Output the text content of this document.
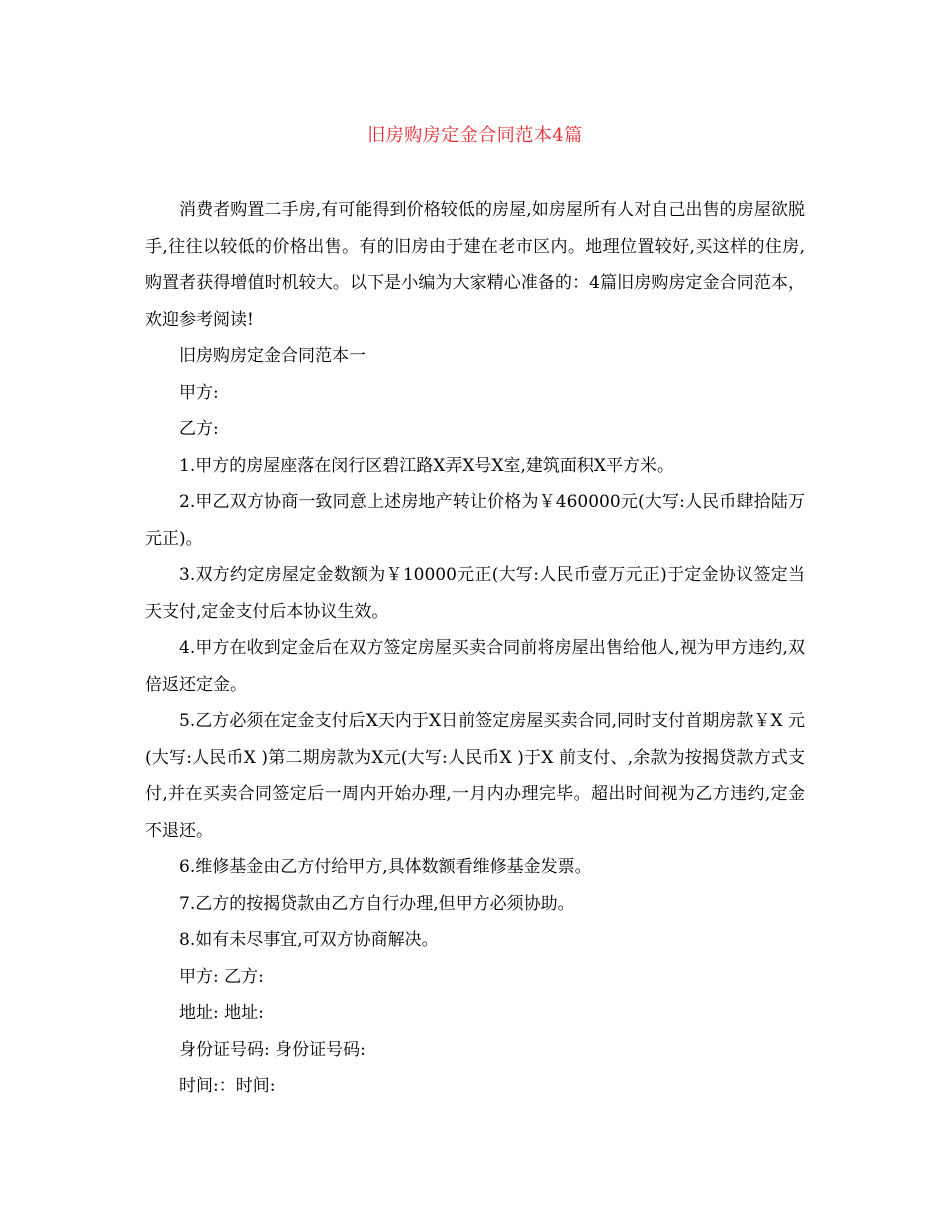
旧房购房定金合同范本4篇

消费者购置二手房,有可能得到价格较低的房屋,如房屋所有人对自己出售的房屋欲脱手,往往以较低的价格出售。有的旧房由于建在老市区内。地理位置较好,买这样的住房,购置者获得增值时机较大。以下是小编为大家精心准备的：4篇旧房购房定金合同范本，欢迎参考阅读!

旧房购房定金合同范本一

甲方:

乙方:

1.甲方的房屋座落在闵行区碧江路X弄X号X室,建筑面积X平方米。

2.甲乙双方协商一致同意上述房地产转让价格为￥460000元(大写:人民币肆拾陆万元正)。

3.双方约定房屋定金数额为￥10000元正(大写:人民币壹万元正)于定金协议签定当天支付,定金支付后本协议生效。

4.甲方在收到定金后在双方签定房屋买卖合同前将房屋出售给他人,视为甲方违约,双倍返还定金。

5.乙方必须在定金支付后X天内于X日前签定房屋买卖合同,同时支付首期房款￥X 元(大写:人民币X )第二期房款为X元(大写:人民币X )于X 前支付、,余款为按揭贷款方式支付,并在买卖合同签定后一周内开始办理,一月内办理完毕。超出时间视为乙方违约,定金不退还。

6.维修基金由乙方付给甲方,具体数额看维修基金发票。

7.乙方的按揭贷款由乙方自行办理,但甲方必须协助。

8.如有未尽事宜,可双方协商解决。

甲方: 乙方:

地址: 地址:

身份证号码: 身份证号码:

时间:：时间:
